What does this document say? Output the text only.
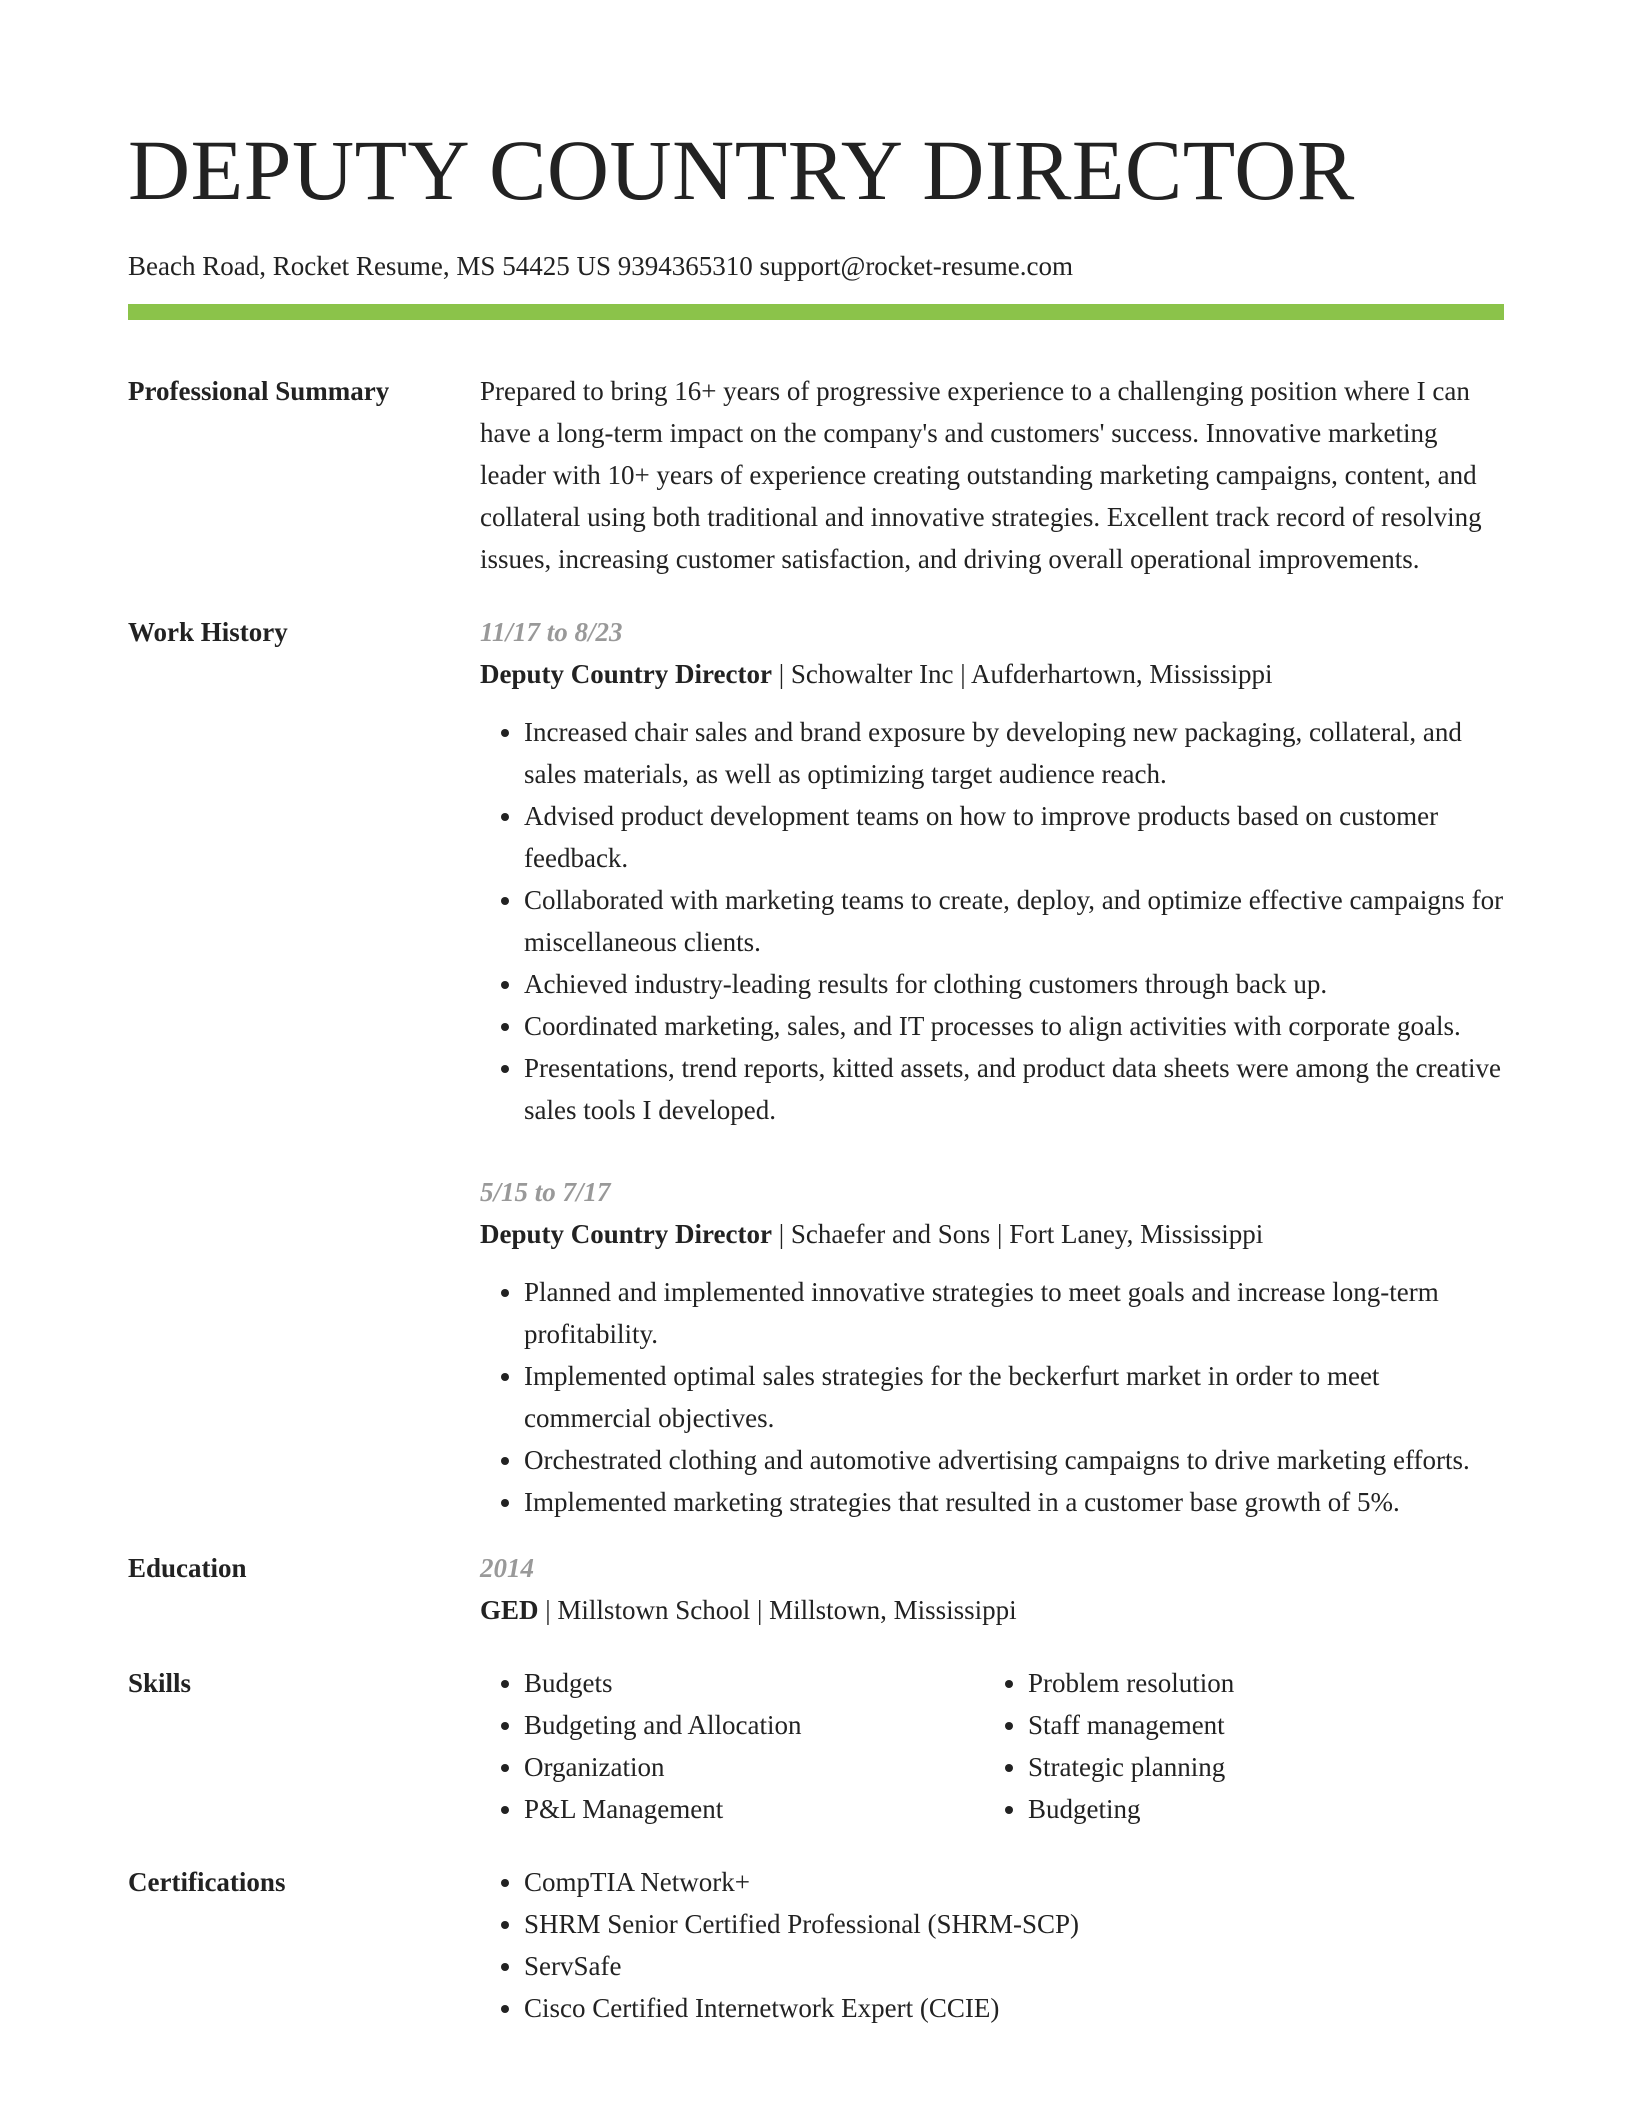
DEPUTY COUNTRY DIRECTOR
Beach Road, Rocket Resume, MS 54425 US 9394365310 support@rocket-resume.com
Professional Summary	Prepared to bring 16+ years of progressive experience to a challenging position where I can have a long-term impact on the company's and customers' success. Innovative marketing leader with 10+ years of experience creating outstanding marketing campaigns, content, and collateral using both traditional and innovative strategies. Excellent track record of resolving issues, increasing customer satisfaction, and driving overall operational improvements.
Work History	11/17 to 8/23
Deputy Country Director | Schowalter Inc | Aufderhartown, Mississippi
• Increased chair sales and brand exposure by developing new packaging, collateral, and sales materials, as well as optimizing target audience reach.
• Advised product development teams on how to improve products based on customer feedback.
• Collaborated with marketing teams to create, deploy, and optimize effective campaigns for miscellaneous clients.
• Achieved industry-leading results for clothing customers through back up.
• Coordinated marketing, sales, and IT processes to align activities with corporate goals.
• Presentations, trend reports, kitted assets, and product data sheets were among the creative sales tools I developed.
5/15 to 7/17
Deputy Country Director | Schaefer and Sons | Fort Laney, Mississippi
• Planned and implemented innovative strategies to meet goals and increase long-term profitability.
• Implemented optimal sales strategies for the beckerfurt market in order to meet commercial objectives.
• Orchestrated clothing and automotive advertising campaigns to drive marketing efforts.
• Implemented marketing strategies that resulted in a customer base growth of 5%.
Education	2014
GED | Millstown School | Millstown, Mississippi
Skills	• Budgets
• Budgeting and Allocation
• Organization
• P&L Management
• Problem resolution
• Staff management
• Strategic planning
• Budgeting
Certifications	• CompTIA Network+
• SHRM Senior Certified Professional (SHRM-SCP)
• ServSafe
• Cisco Certified Internetwork Expert (CCIE)
